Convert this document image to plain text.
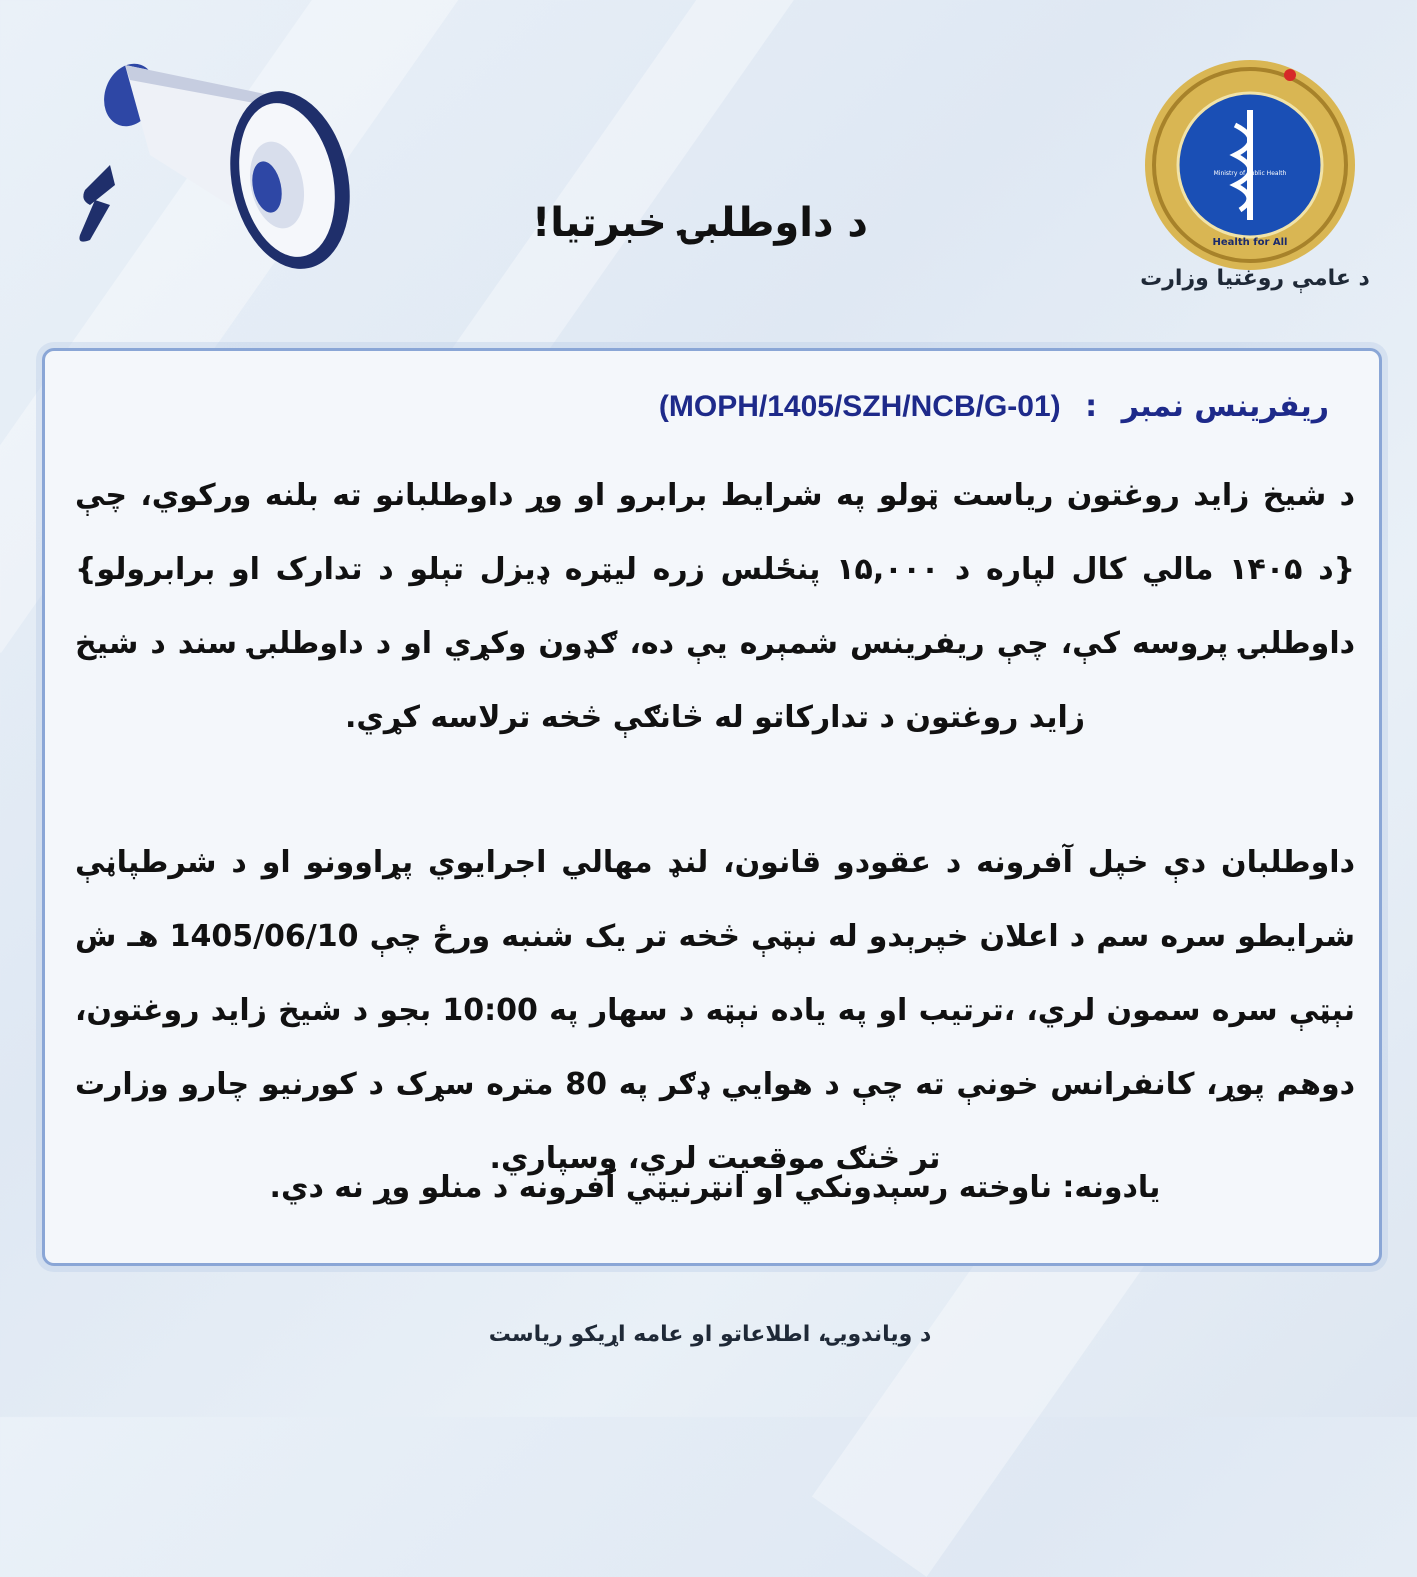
Health for All
Ministry of Public Health
د عامې روغتیا وزارت
د داوطلبۍ خبرتیا!
ریفرینس نمبر : (MOPH/1405/SZH/NCB/G-01)
د شیخ زاید روغتون ریاست ټولو په شرایط برابرو او وړ داوطلبانو ته بلنه ورکوي، چې {د ۱۴۰۵ مالي کال لپاره د ۱۵,۰۰۰ پنځلس زره لیټره ډیزل تېلو د تدارک او برابرولو} داوطلبۍ پروسه کې، چې ریفرینس شمېره یې ده، ګډون وکړي او د داوطلبۍ سند د شیخ زاید روغتون د تدارکاتو له څانګې څخه ترلاسه کړي.
داوطلبان دې خپل آفرونه د عقودو قانون، لنډ مهالي اجرایوي پړاوونو او د شرطپاڼې شرایطو سره سم د اعلان خپرېدو له نېټې څخه تر یک شنبه ورځ چې 1405/06/10 هـ ش نېټې سره سمون لري، ،ترتیب او په یاده نېټه د سهار په 10:00 بجو د شیخ زاید روغتون، دوهم پوړ، کانفرانس خونې ته چې د هوایي ډګر په 80 متره سړک د کورنیو چارو وزارت تر څنګ موقعیت لري، وسپاري.
یادونه: ناوخته رسېدونکي او انټرنیټي آفرونه د منلو وړ نه دي.
د ویاندویۍ، اطلاعاتو او عامه اړیکو ریاست
